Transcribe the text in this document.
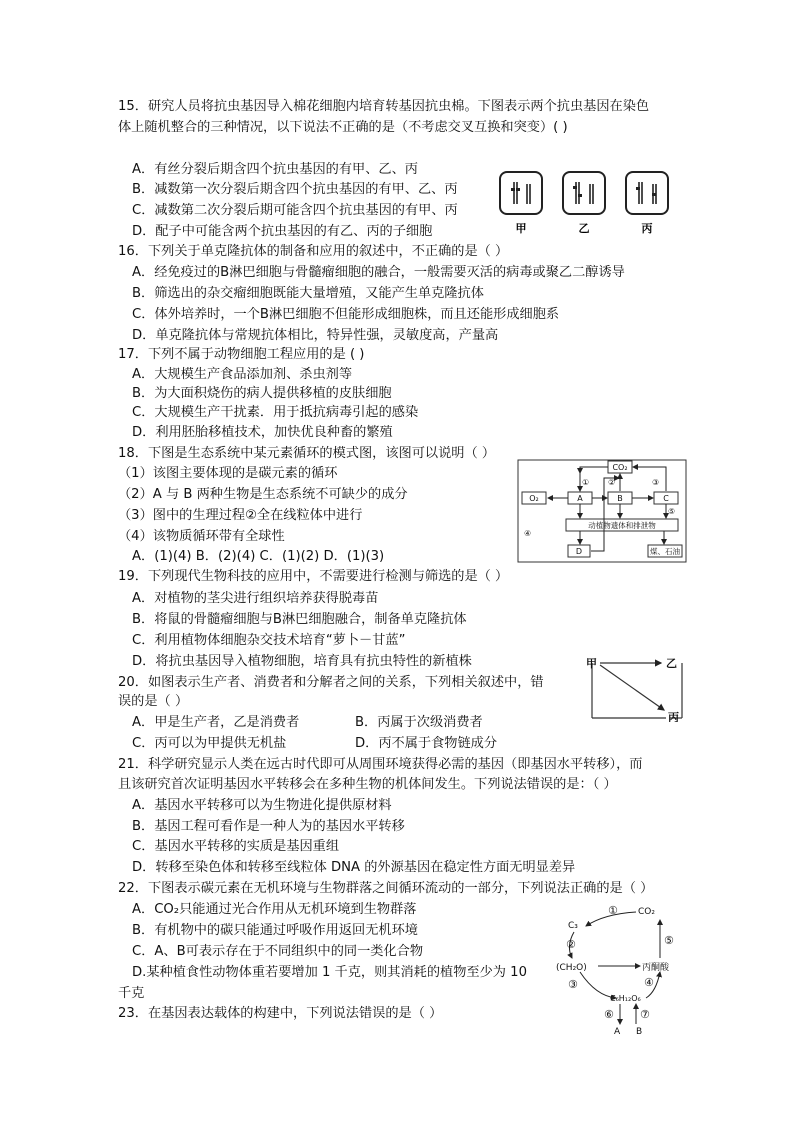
15．研究人员将抗虫基因导入棉花细胞内培育转基因抗虫棉。下图表示两个抗虫基因在染色
体上随机整合的三种情况，以下说法不正确的是（不考虑交叉互换和突变）( )
A．有丝分裂后期含四个抗虫基因的有甲、乙、丙
B．减数第一次分裂后期含四个抗虫基因的有甲、乙、丙
C．减数第二次分裂后期可能含四个抗虫基因的有甲、丙
D．配子中可能含两个抗虫基因的有乙、丙的子细胞	甲	乙	丙
16．下列关于单克隆抗体的制备和应用的叙述中，不正确的是（ ）
A．经免疫过的B淋巴细胞与骨髓瘤细胞的融合，一般需要灭活的病毒或聚乙二醇诱导
B．筛选出的杂交瘤细胞既能大量增殖，又能产生单克隆抗体
C．体外培养时，一个B淋巴细胞不但能形成细胞株，而且还能形成细胞系
D．单克隆抗体与常规抗体相比，特异性强，灵敏度高，产量高
17．下列不属于动物细胞工程应用的是 ( )
A．大规模生产食品添加剂、杀虫剂等
B．为大面积烧伤的病人提供移植的皮肤细胞
C．大规模生产干扰素．用于抵抗病毒引起的感染
D．利用胚胎移植技术，加快优良种畜的繁殖
18．下图是生态系统中某元素循环的模式图，该图可以说明（ ）
（1）该图主要体现的是碳元素的循环
（2）A 与 B 两种生物是生态系统不可缺少的成分
（3）图中的生理过程②全在线粒体中进行
（4）该物质循环带有全球性
A．(1)(4) B．(2)(4) C．(1)(2) D．(1)(3)
CO₂
O₂	A	B	C
动植物遗体和排泄物
D	煤、石油
① ②	③
④
⑤
19．下列现代生物科技的应用中，不需要进行检测与筛选的是（ ）
A．对植物的茎尖进行组织培养获得脱毒苗
B．将鼠的骨髓瘤细胞与B淋巴细胞融合，制备单克隆抗体
C．利用植物体细胞杂交技术培育“萝卜－甘蓝”
D．将抗虫基因导入植物细胞，培育具有抗虫特性的新植株	甲	乙
丙
20．如图表示生产者、消费者和分解者之间的关系，下列相关叙述中，错
误的是（ ）
A．甲是生产者，乙是消费者	B．丙属于次级消费者
C．丙可以为甲提供无机盐	D．丙不属于食物链成分
21．科学研究显示人类在远古时代即可从周围环境获得必需的基因（即基因水平转移），而
且该研究首次证明基因水平转移会在多种生物的机体间发生。下列说法错误的是：（ ）
A．基因水平转移可以为生物进化提供原材料
B．基因工程可看作是一种人为的基因水平转移
C．基因水平转移的实质是基因重组
D．转移至染色体和转移至线粒体 DNA 的外源基因在稳定性方面无明显差异
22．下图表示碳元素在无机环境与生物群落之间循环流动的一部分，下列说法正确的是（ ）
A．CO₂只能通过光合作用从无机环境到生物群落
B．有机物中的碳只能通过呼吸作用返回无机环境
C．A、B可表示存在于不同组织中的同一类化合物
D.某种植食性动物体重若要增加 1 千克，则其消耗的植物至少为 10
千克
CO₂
C₃
(CH₂O)	丙酮酸
C₆H₁₂O₆
A B
①
②
③	④
⑤
⑥ ⑦
23．在基因表达载体的构建中，下列说法错误的是（ ）
